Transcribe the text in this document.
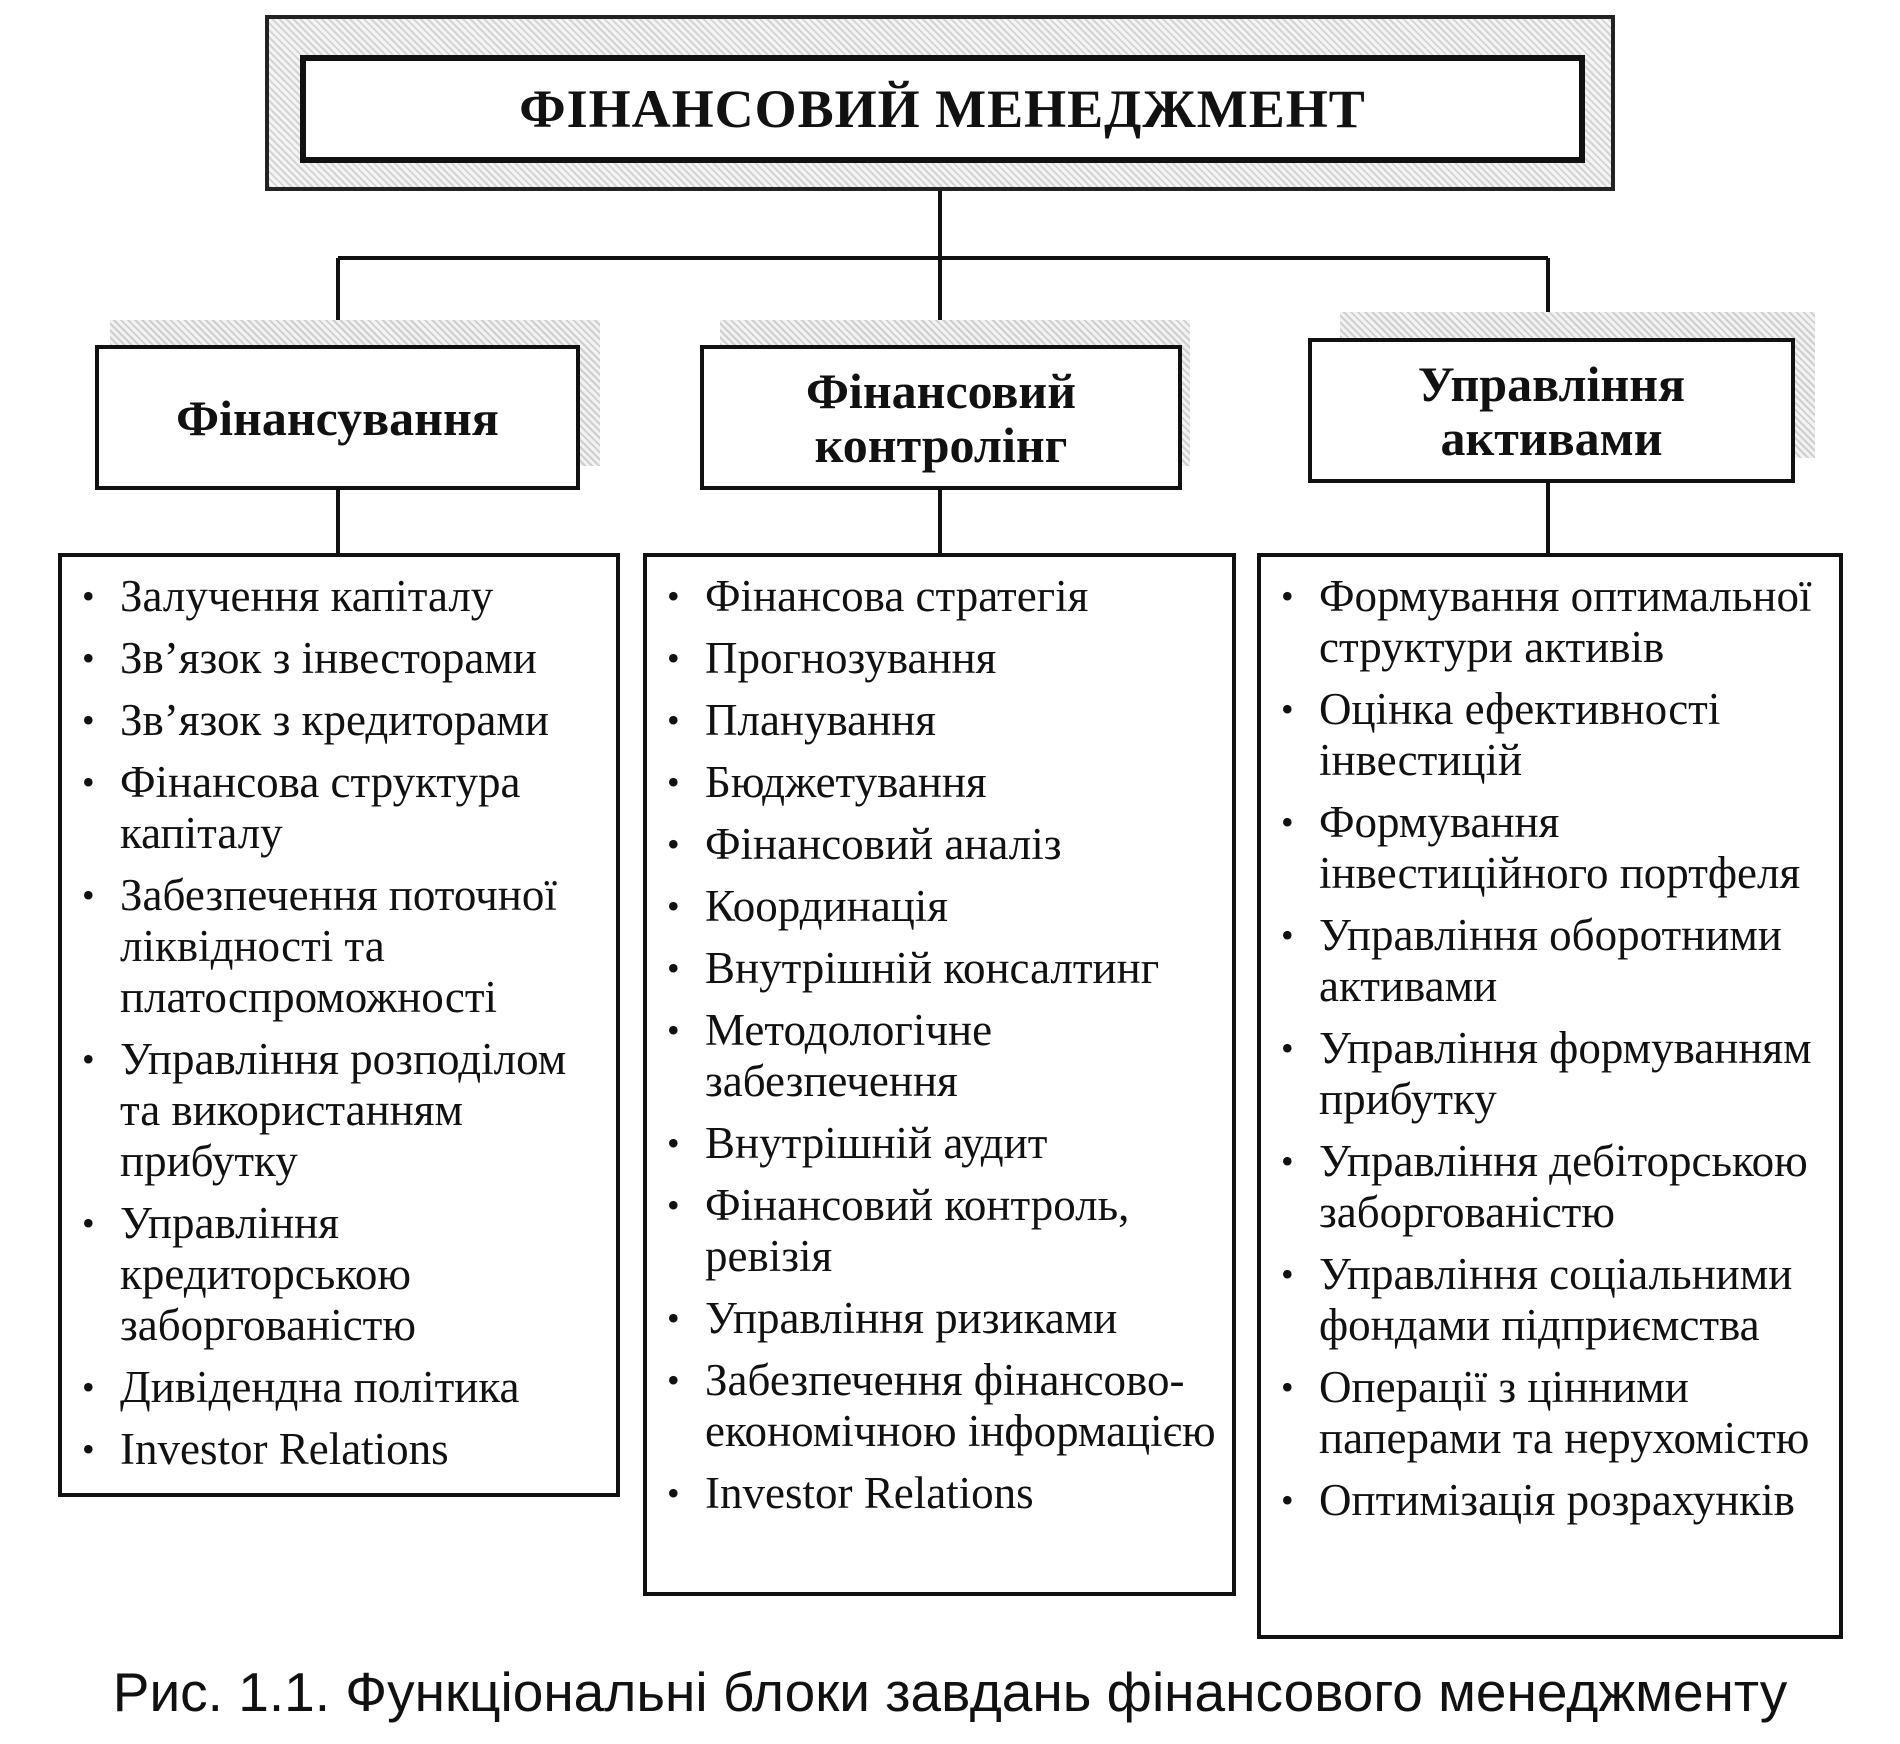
ФІНАНСОВИЙ МЕНЕДЖМЕНТ
Фінансування	Фінансовий
контролінг
Управління
активами
• Залучення капіталу
• Зв’язок з інвесторами
• Зв’язок з кредиторами
• Фінансова структура капіталу
• Забезпечення поточної ліквідності та платоспроможності
• Управління розподілом та використанням прибутку
• Управління кредиторською заборгованістю
• Дивідендна політика
• Investor Relations
• Фінансова стратегія
• Прогнозування
• Планування
• Бюджетування
• Фінансовий аналіз
• Координація
• Внутрішній консалтинг
• Методологічне забезпечення
• Внутрішній аудит
• Фінансовий контроль, ревізія
• Управління ризиками
• Забезпечення фінансово-економічною інформацією
• Investor Relations
• Формування оптимальної структури активів
• Оцінка ефективності інвестицій
• Формування інвестиційного портфеля
• Управління оборотними активами
• Управління формуванням прибутку
• Управління дебіторською заборгованістю
• Управління соціальними фондами підприємства
• Операції з цінними паперами та нерухомістю
• Оптимізація розрахунків
Рис. 1.1. Функціональні блоки завдань фінансового менеджменту
